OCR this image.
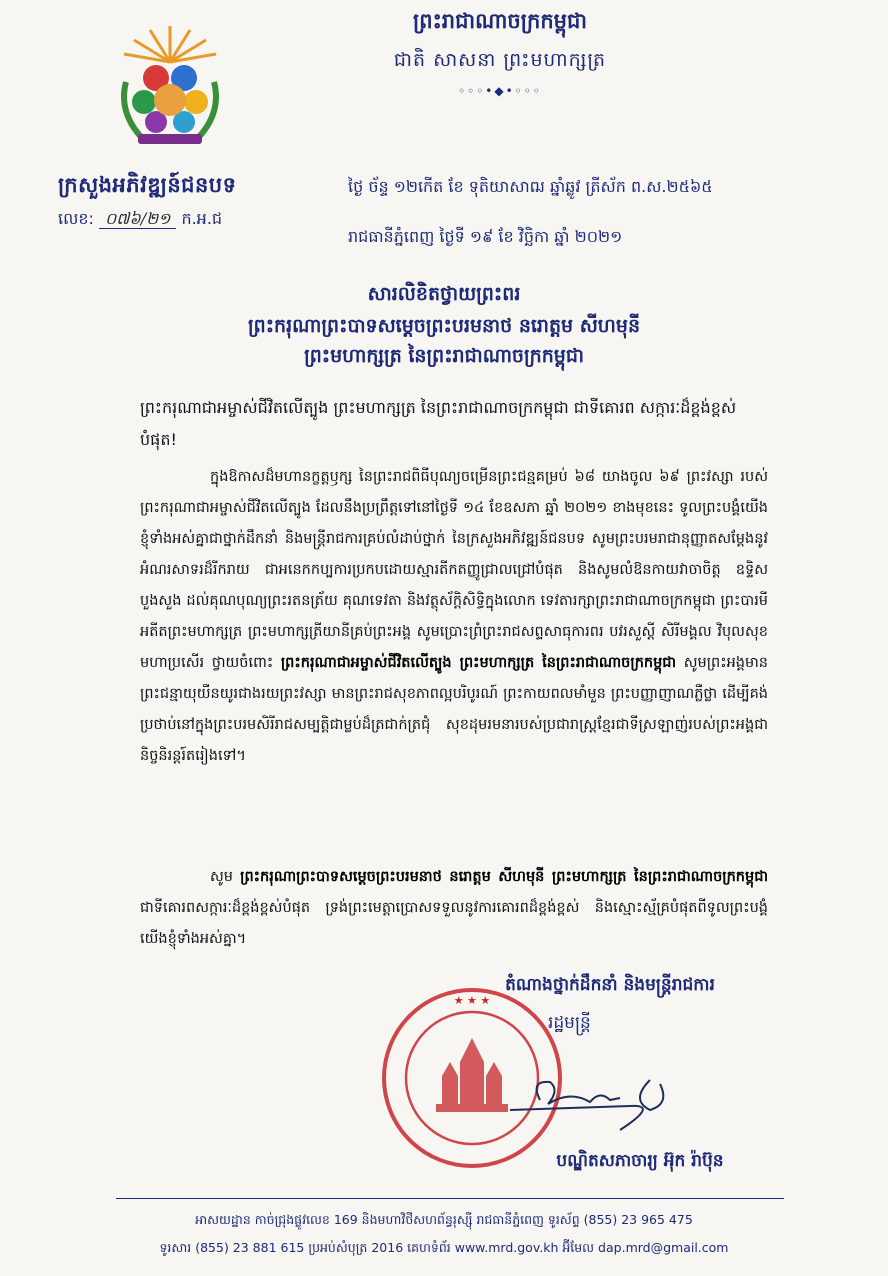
ព្រះរាជាណាចក្រកម្ពុជា
ជាតិ សាសនា ព្រះមហាក្សត្រ
◦◦◦•◆•◦◦◦
ក្រសួងអភិវឌ្ឍន៍ជនបទ
លេខ: ០៧៦/២១ ក.អ.ជ
ថ្ងៃ ច័ន្ទ ១២កើត ខែ ទុតិយាសាឍ ឆ្នាំឆ្លូវ ត្រីស័ក ព.ស.២៥៦៥
រាជធានីភ្នំពេញ ថ្ងៃទី ១៩ ខែ វិច្ឆិកា ឆ្នាំ ២០២១
សារលិខិតថ្វាយព្រះពរ
ព្រះករុណាព្រះបាទសម្តេចព្រះបរមនាថ នរោត្តម សីហមុនី
ព្រះមហាក្សត្រ នៃព្រះរាជាណាចក្រកម្ពុជា
ព្រះករុណាជាអម្ចាស់ជីវិតលើត្បូង ព្រះមហាក្សត្រ នៃព្រះរាជាណាចក្រកម្ពុជា ជាទីគោរព សក្ការៈដ៏ខ្ពង់ខ្ពស់បំផុត!
ក្នុងឱកាសដ៏មហានក្ខត្តឫក្ស នៃព្រះរាជពិធីបុណ្យចម្រើនព្រះជន្មគម្រប់ ៦៨ យាងចូល ៦៩ ព្រះវស្សា របស់ព្រះករុណាជាអម្ចាស់ជីវិតលើត្បូង ដែលនឹងប្រព្រឹត្តទៅនៅថ្ងៃទី ១៤ ខែឧសភា ឆ្នាំ ២០២១ ខាងមុខនេះ ទូលព្រះបង្គំយើងខ្ញុំទាំងអស់គ្នាជាថ្នាក់ដឹកនាំ និងមន្ត្រីរាជការគ្រប់លំដាប់ថ្នាក់ នៃក្រសួងអភិវឌ្ឍន៍ជនបទ សូមព្រះបរមរាជានុញ្ញាតសម្តែងនូវអំណរសាទរដ៏រីករាយ ជាអនេកកប្បការប្រកបដោយស្មារតីកតញ្ញូជ្រាលជ្រៅបំផុត និងសូមលំឱនកាយវាចាចិត្ត ឧទ្ទិសបួងសួង ដល់គុណបុណ្យព្រះរតនត្រ័យ គុណទេវតា និងវត្ថុស័ក្តិសិទ្ធិក្នុងលោក ទេវតារក្សាព្រះរាជាណាចក្រកម្ពុជា ព្រះបារមីអតីតព្រះមហាក្សត្រ ព្រះមហាក្សត្រីយានីគ្រប់ព្រះអង្គ សូមប្រោះព្រំព្រះរាជសព្ទសាធុការពរ បវរសួស្តី សិរីមង្គល វិបុលសុខ មហាប្រសើរ ថ្វាយចំពោះ ព្រះករុណាជាអម្ចាស់ជីវិតលើត្បូង ព្រះមហាក្សត្រ នៃព្រះរាជាណាចក្រកម្ពុជា សូមព្រះអង្គមានព្រះជន្មាយុយឺនយូរជាងរយព្រះវស្សា មានព្រះរាជសុខភាពល្អបរិបូរណ៍ ព្រះកាយពលមាំមួន ព្រះបញ្ញាញាណភ្លឺថ្លា ដើម្បីគង់ប្រថាប់នៅក្នុងព្រះបរមសិរីរាជសម្បត្តិជាម្លប់ដ៏ត្រជាក់ត្រជុំ សុខដុមរមនារបស់ប្រជារាស្ត្រខ្មែរជាទីស្រឡាញ់របស់ព្រះអង្គជានិច្ចនិរន្តរ៍តរៀងទៅ។
សូម ព្រះករុណាព្រះបាទសម្តេចព្រះបរមនាថ នរោត្តម សីហមុនី ព្រះមហាក្សត្រ នៃព្រះរាជាណាចក្រកម្ពុជា ជាទីគោរពសក្ការៈដ៏ខ្ពង់ខ្ពស់បំផុត ទ្រង់ព្រះមេត្តាប្រោសទទួលនូវការគោរពដ៏ខ្ពង់ខ្ពស់ និងស្មោះស្ម័គ្របំផុតពីទូលព្រះបង្គំយើងខ្ញុំទាំងអស់គ្នា។
★ ★ ★
តំណាងថ្នាក់ដឹកនាំ និងមន្ត្រីរាជការ
រដ្ឋមន្ត្រី
បណ្ឌិតសភាចារ្យ អ៊ុក រ៉ាប៊ុន
អាសយដ្ឋាន កាច់ជ្រុងផ្លូវលេខ 169 និងមហាវិថីសហព័ន្ធរុស្ស៊ី រាជធានីភ្នំពេញ ទូរស័ព្ទ (855) 23 965 475
ទូរសារ (855) 23 881 615 ប្រអប់សំបុត្រ 2016 គេហទំព័រ www.mrd.gov.kh អ៊ីមែល dap.mrd@gmail.com
